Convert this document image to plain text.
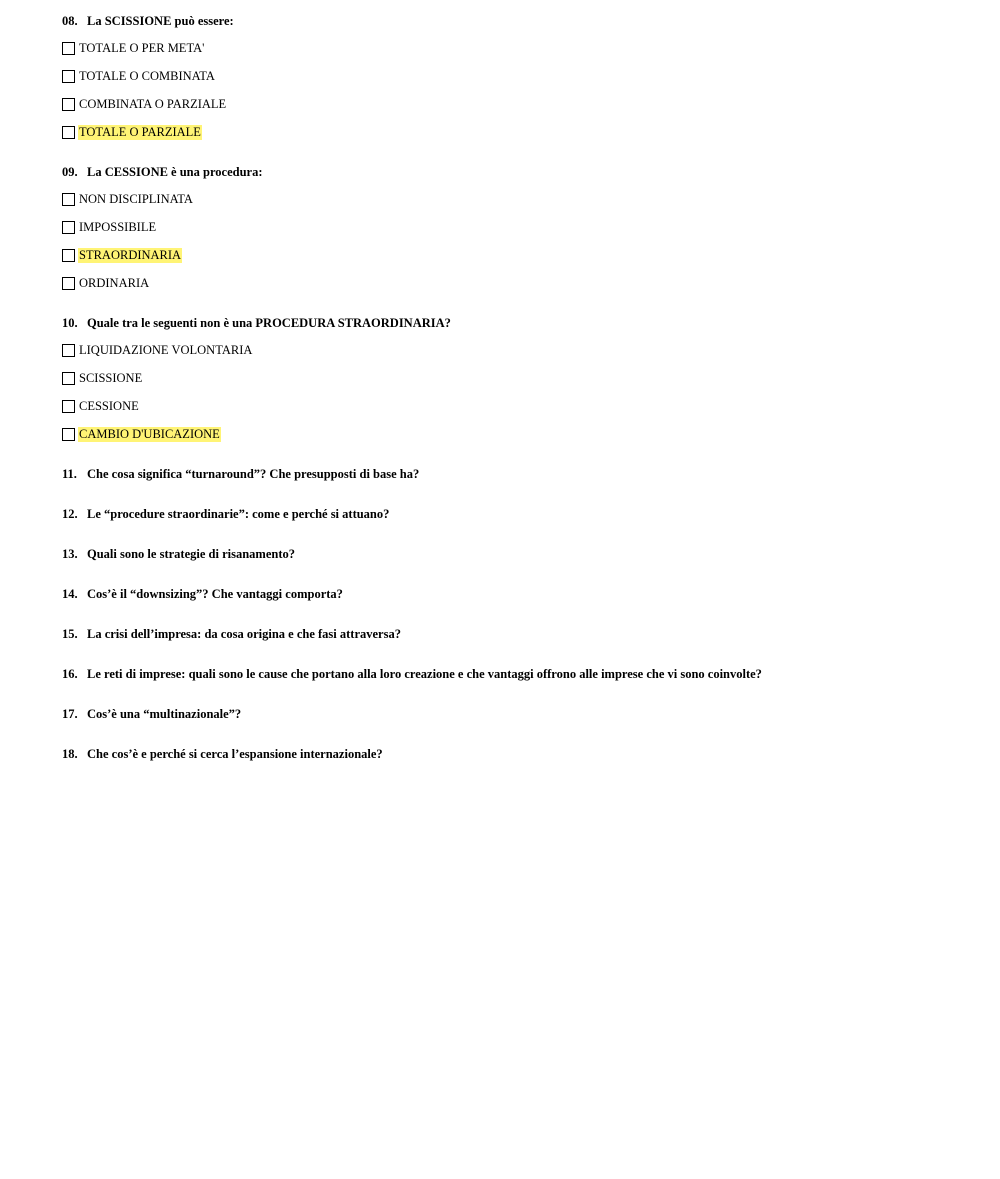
08. La SCISSIONE può essere:
TOTALE O PER META'
TOTALE O COMBINATA
COMBINATA O PARZIALE
TOTALE O PARZIALE
09. La CESSIONE è una procedura:
NON DISCIPLINATA
IMPOSSIBILE
STRAORDINARIA
ORDINARIA
10. Quale tra le seguenti non è una PROCEDURA STRAORDINARIA?
LIQUIDAZIONE VOLONTARIA
SCISSIONE
CESSIONE
CAMBIO D'UBICAZIONE
11. Che cosa significa “turnaround”? Che presupposti di base ha?
12. Le “procedure straordinarie”: come e perché si attuano?
13. Quali sono le strategie di risanamento?
14. Cos’è il “downsizing”? Che vantaggi comporta?
15. La crisi dell’impresa: da cosa origina e che fasi attraversa?
16. Le reti di imprese: quali sono le cause che portano alla loro creazione e che vantaggi offrono alle imprese che vi sono coinvolte?
17. Cos’è una “multinazionale”?
18. Che cos’è e perché si cerca l’espansione internazionale?
